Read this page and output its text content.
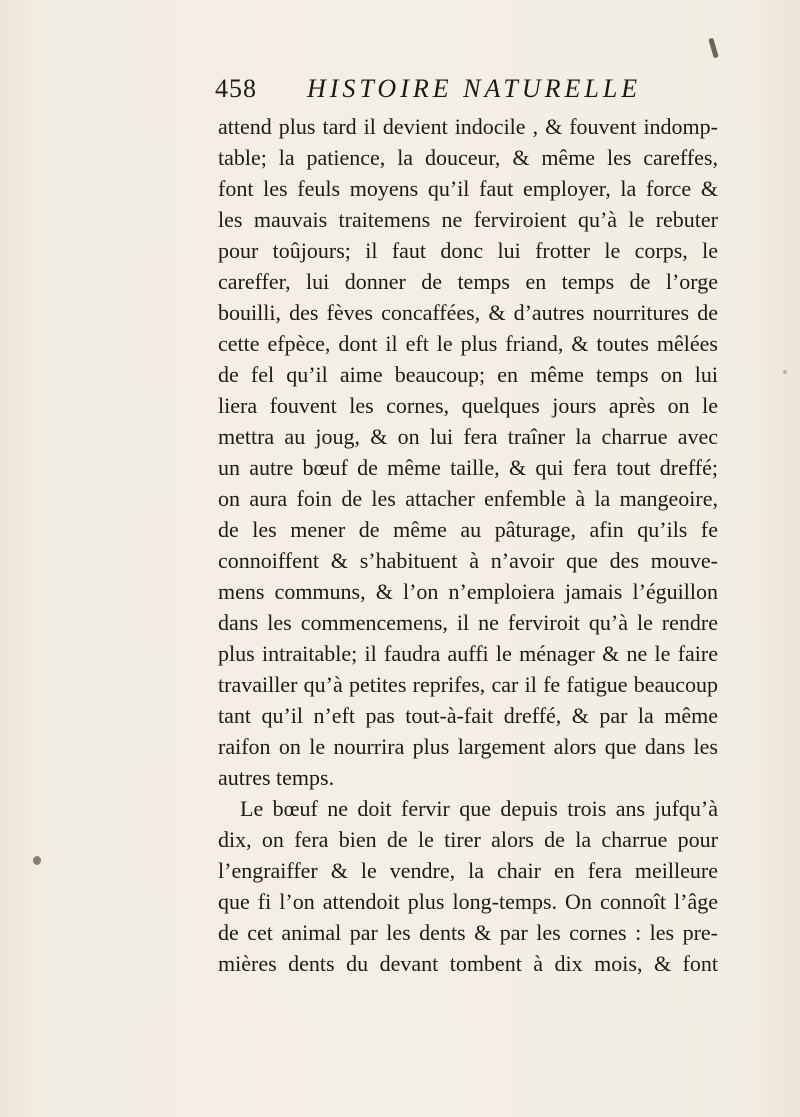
458 HISTOIRE NATURELLE
attend plus tard il devient indocile , & fouvent indomp-
table; la patience, la douceur, & même les careffes,
font les feuls moyens qu’il faut employer, la force &
les mauvais traitemens ne ferviroient qu’à le rebuter
pour toûjours; il faut donc lui frotter le corps, le
careffer, lui donner de temps en temps de l’orge
bouilli, des fèves concaffées, & d’autres nourritures de
cette efpèce, dont il eft le plus friand, & toutes mêlées
de fel qu’il aime beaucoup; en même temps on lui
liera fouvent les cornes, quelques jours après on le
mettra au joug, & on lui fera traîner la charrue avec
un autre bœuf de même taille, & qui fera tout dreffé;
on aura foin de les attacher enfemble à la mangeoire,
de les mener de même au pâturage, afin qu’ils fe
connoiffent & s’habituent à n’avoir que des mouve-
mens communs, & l’on n’emploiera jamais l’éguillon
dans les commencemens, il ne ferviroit qu’à le rendre
plus intraitable; il faudra auffi le ménager & ne le faire
travailler qu’à petites reprifes, car il fe fatigue beaucoup
tant qu’il n’eft pas tout-à-fait dreffé, & par la même
raifon on le nourrira plus largement alors que dans les
autres temps.
Le bœuf ne doit fervir que depuis trois ans jufqu’à
dix, on fera bien de le tirer alors de la charrue pour
l’engraiffer & le vendre, la chair en fera meilleure
que fi l’on attendoit plus long-temps. On connoît l’âge
de cet animal par les dents & par les cornes : les pre-
mières dents du devant tombent à dix mois, & font
